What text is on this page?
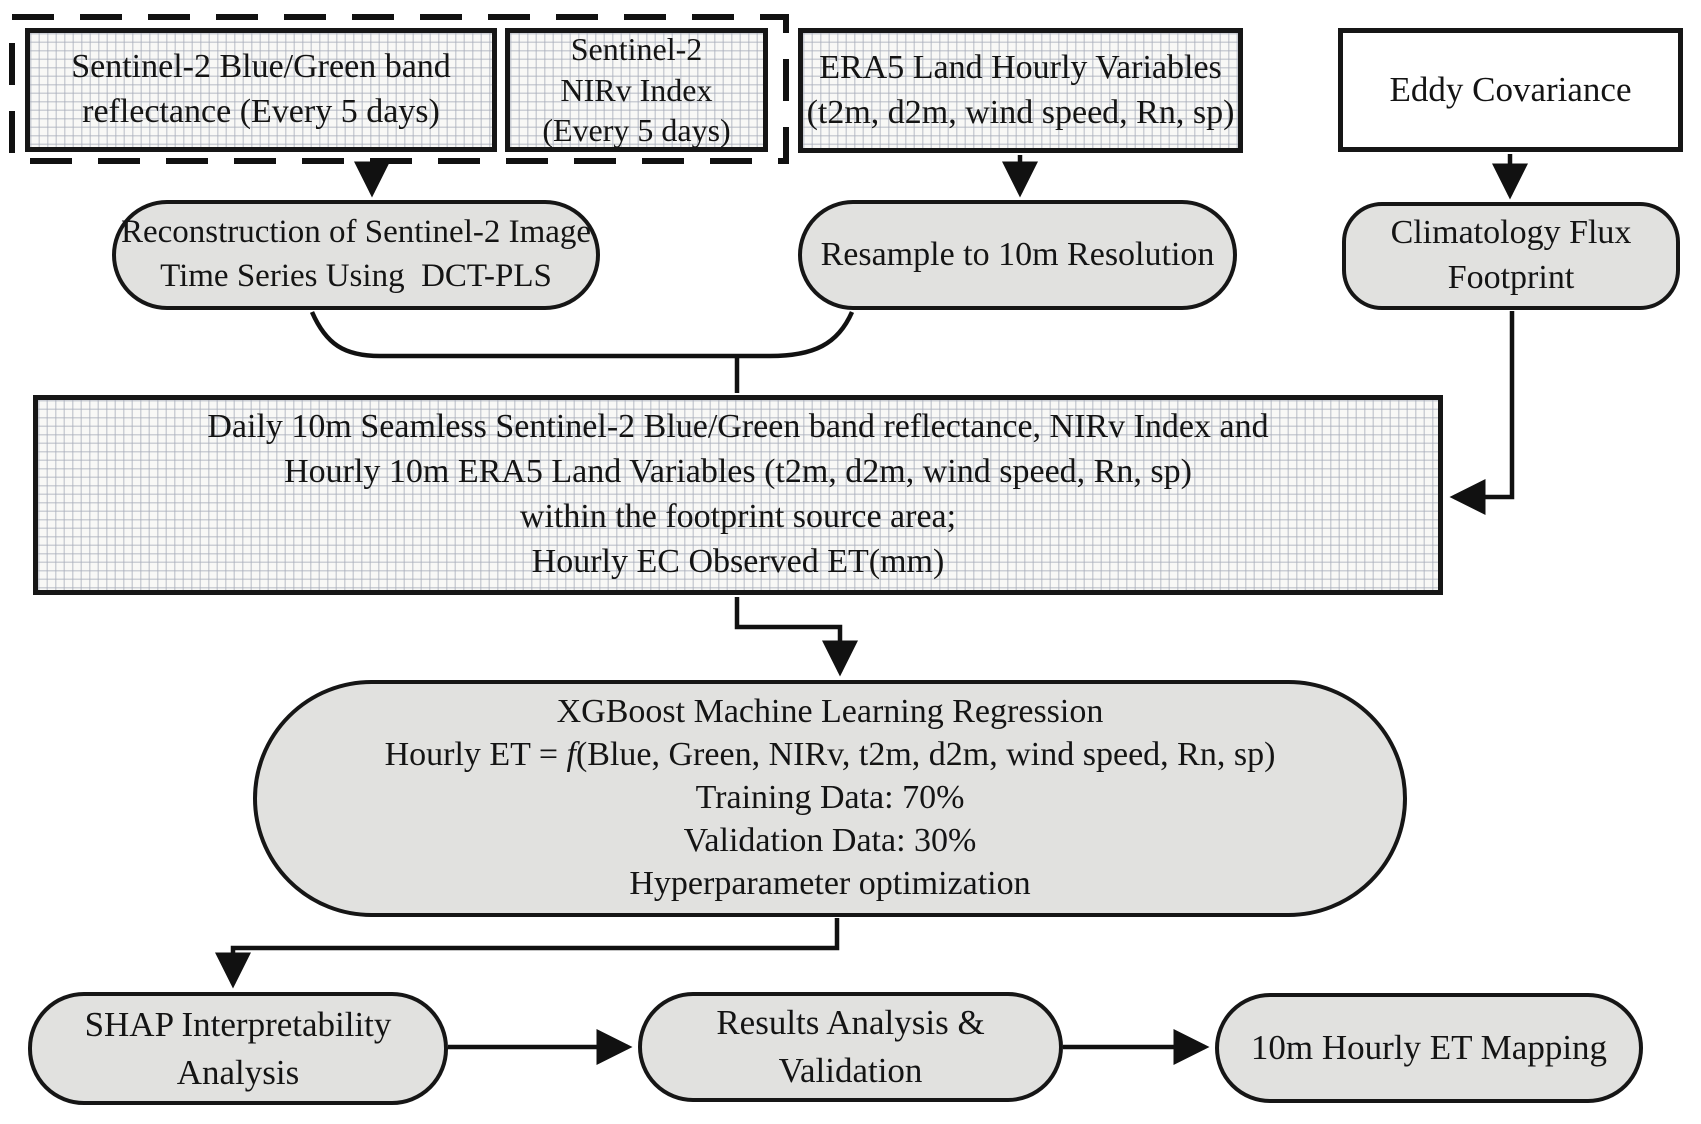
Sentinel-2 Blue/Green band
reflectance (Every 5 days)
Sentinel-2
NIRv Index
(Every 5 days)
ERA5 Land Hourly Variables
(t2m, d2m, wind speed, Rn, sp)
Eddy Covariance
Reconstruction of Sentinel-2 Image
Time Series Using  DCT-PLS
Resample to 10m Resolution
Climatology Flux
Footprint
Daily 10m Seamless Sentinel-2 Blue/Green band reflectance, NIRv Index and
Hourly 10m ERA5 Land Variables (t2m, d2m, wind speed, Rn, sp)
within the footprint source area;
Hourly EC Observed ET(mm)
XGBoost Machine Learning Regression
Hourly ET = f(Blue, Green, NIRv, t2m, d2m, wind speed, Rn, sp)
Training Data: 70%
Validation Data: 30%
Hyperparameter optimization
SHAP Interpretability
Analysis
Results Analysis &
Validation
10m Hourly ET Mapping
